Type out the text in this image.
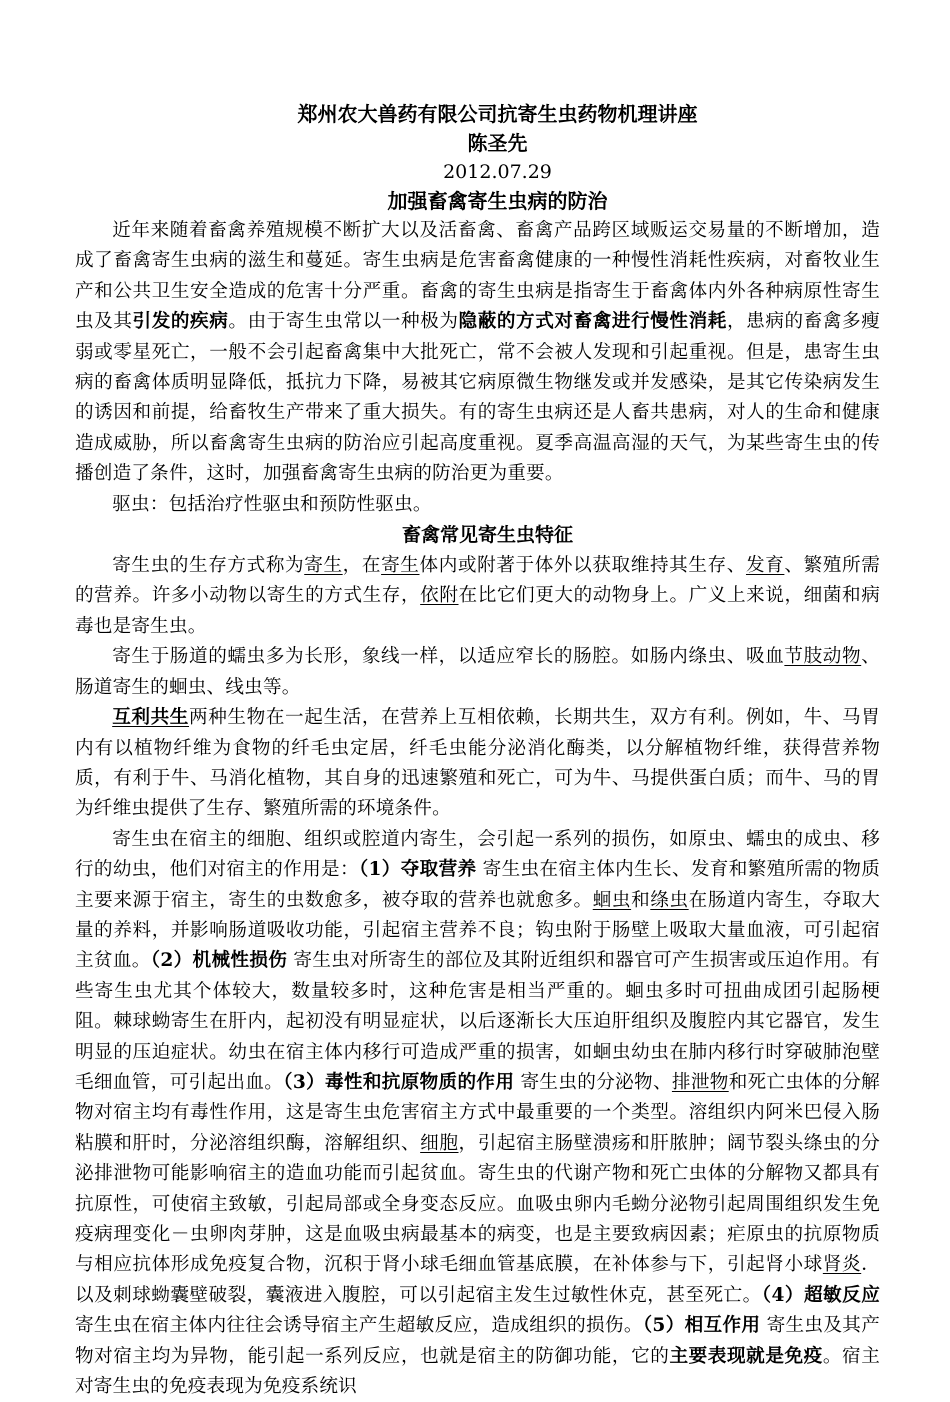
郑州农大兽药有限公司抗寄生虫药物机理讲座
陈圣先
2012.07.29
加强畜禽寄生虫病的防治

近年来随着畜禽养殖规模不断扩大以及活畜禽、畜禽产品跨区域贩运交易量的不断增加，造成了畜禽寄生虫病的滋生和蔓延。寄生虫病是危害畜禽健康的一种慢性消耗性疾病，对畜牧业生产和公共卫生安全造成的危害十分严重。畜禽的寄生虫病是指寄生于畜禽体内外各种病原性寄生虫及其引发的疾病。由于寄生虫常以一种极为隐蔽的方式对畜禽进行慢性消耗，患病的畜禽多瘦弱或零星死亡，一般不会引起畜禽集中大批死亡，常不会被人发现和引起重视。但是，患寄生虫病的畜禽体质明显降低，抵抗力下降，易被其它病原微生物继发或并发感染，是其它传染病发生的诱因和前提，给畜牧生产带来了重大损失。有的寄生虫病还是人畜共患病，对人的生命和健康造成威胁，所以畜禽寄生虫病的防治应引起高度重视。夏季高温高湿的天气，为某些寄生虫的传播创造了条件，这时，加强畜禽寄生虫病的防治更为重要。

驱虫：包括治疗性驱虫和预防性驱虫。

畜禽常见寄生虫特征

寄生虫的生存方式称为寄生，在寄生体内或附著于体外以获取维持其生存、发育、繁殖所需的营养。许多小动物以寄生的方式生存，依附在比它们更大的动物身上。广义上来说，细菌和病毒也是寄生虫。

寄生于肠道的蠕虫多为长形，象线一样，以适应窄长的肠腔。如肠内绦虫、吸血节肢动物、肠道寄生的蛔虫、线虫等。

互利共生两种生物在一起生活，在营养上互相依赖，长期共生，双方有利。例如，牛、马胃内有以植物纤维为食物的纤毛虫定居，纤毛虫能分泌消化酶类，以分解植物纤维，获得营养物质，有利于牛、马消化植物，其自身的迅速繁殖和死亡，可为牛、马提供蛋白质；而牛、马的胃为纤维虫提供了生存、繁殖所需的环境条件。

寄生虫在宿主的细胞、组织或腔道内寄生，会引起一系列的损伤，如原虫、蠕虫的成虫、移行的幼虫，他们对宿主的作用是：（1）夺取营养 寄生虫在宿主体内生长、发育和繁殖所需的物质主要来源于宿主，寄生的虫数愈多，被夺取的营养也就愈多。蛔虫和绦虫在肠道内寄生，夺取大量的养料，并影响肠道吸收功能，引起宿主营养不良；钩虫附于肠壁上吸取大量血液，可引起宿主贫血。（2）机械性损伤 寄生虫对所寄生的部位及其附近组织和器官可产生损害或压迫作用。有些寄生虫尤其个体较大，数量较多时，这种危害是相当严重的。蛔虫多时可扭曲成团引起肠梗阻。棘球蚴寄生在肝内，起初没有明显症状，以后逐渐长大压迫肝组织及腹腔内其它器官，发生明显的压迫症状。幼虫在宿主体内移行可造成严重的损害，如蛔虫幼虫在肺内移行时穿破肺泡壁毛细血管，可引起出血。（3）毒性和抗原物质的作用 寄生虫的分泌物、排泄物和死亡虫体的分解物对宿主均有毒性作用，这是寄生虫危害宿主方式中最重要的一个类型。溶组织内阿米巴侵入肠粘膜和肝时，分泌溶组织酶，溶解组织、细胞，引起宿主肠壁溃疡和肝脓肿；阔节裂头绦虫的分泌排泄物可能影响宿主的造血功能而引起贫血。寄生虫的代谢产物和死亡虫体的分解物又都具有抗原性，可使宿主致敏，引起局部或全身变态反应。血吸虫卵内毛蚴分泌物引起周围组织发生免疫病理变化－虫卵肉芽肿，这是血吸虫病最基本的病变，也是主要致病因素；疟原虫的抗原物质与相应抗体形成免疫复合物，沉积于肾小球毛细血管基底膜，在补体参与下，引起肾小球肾炎．以及刺球蚴囊壁破裂，囊液进入腹腔，可以引起宿主发生过敏性休克，甚至死亡。（4）超敏反应 寄生虫在宿主体内往往会诱导宿主产生超敏反应，造成组织的损伤。（5）相互作用 寄生虫及其产物对宿主均为异物，能引起一系列反应，也就是宿主的防御功能，它的主要表现就是免疫。宿主对寄生虫的免疫表现为免疫系统识
